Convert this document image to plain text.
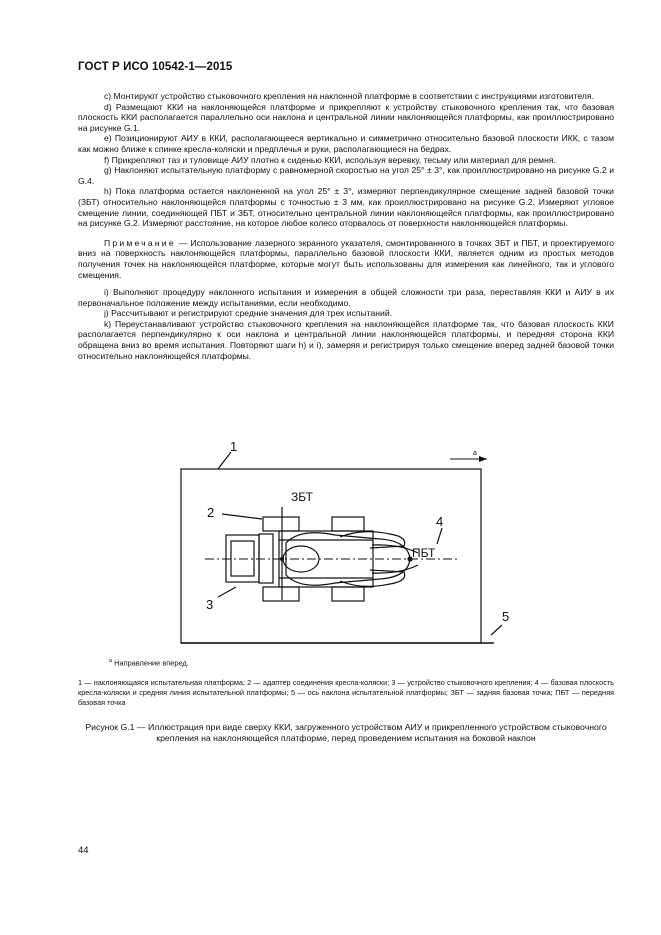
ГОСТ Р ИСО 10542-1—2015

с) Монтируют устройство стыковочного крепления на наклонной платформе в соответствии с инструкциями изготовителя.

d) Размещают ККИ на наклоняющейся платформе и прикрепляют к устройству стыковочного крепления так, что базовая плоскость ККИ располагается параллельно оси наклона и центральной линии наклоняющейся платформы, как проиллюстрировано на рисунке G.1.

е) Позиционируют АИУ в ККИ, располагающееся вертикально и симметрично относительно базовой плоскости ИКК, с тазом как можно ближе к спинке кресла-коляски и предплечья и руки, располагающиеся на бедрах.

f) Прикрепляют таз и туловище АИУ плотно к сиденью ККИ, используя веревку, тесьму или материал для ремня.

g) Наклоняют испытательную платформу с равномерной скоростью на угол 25° ± 3°, как проиллюстрировано на рисунке G.2 и G.4.

h) Пока платформа остается наклоненной на угол 25° ± 3°, измеряют перпендикулярное смещение задней базовой точки (ЗБТ) относительно наклоняющейся платформы с точностью ± 3 мм, как проиллюстрировано на рисунке G.2. Измеряют угловое смещение линии, соединяющей ПБТ и ЗБТ, относительно центральной линии наклоняющейся платформы, как проиллюстрировано на рисунке G.2. Измеряют расстояние, на которое любое колесо оторвалось от поверхности наклоняющейся платформы.

Примечание — Использование лазерного экранного указателя, смонтированного в точках ЗБТ и ПБТ, и проектируемого вниз на поверхность наклоняющейся платформы, параллельно базовой плоскости ККИ, является одним из простых методов получения точек на наклоняющейся платформе, которые могут быть использованы для измерения как линейного, так и углового смещения.

i) Выполняют процедуру наклонного испытания и измерения в общей сложности три раза, переставляя ККИ и АИУ в их первоначальное положение между испытаниями, если необходимо.

j) Рассчитывают и регистрируют средние значения для трех испытаний.

k) Переустанавливают устройство стыковочного крепления на наклоняющейся платформе так, что базовая плоскость ККИ располагается перпендикулярно к оси наклона и центральной линии наклоняющейся платформы, и передняя сторона ККИ обращена вниз во время испытания. Повторяют шаги h) и i), замеряя и регистрируя только смещение вперед задней базовой точки относительно наклоняющейся платформы.

1
2
3
4
5
ЗБТ
ПБТ
a
$^a$ Направление вперед.
1 — наклоняющаяся испытательная платформа; 2 — адаптер соединения кресла-коляски; 3 — устройство стыковочного крепления; 4 — базовая плоскость кресла-коляски и средняя линия испытательной платформы; 5 — ось наклона испытательной платформы; ЗБТ — задняя базовая точка; ПБТ — передняя базовая точка
Рисунок G.1 — Иллюстрация при виде сверху ККИ, загруженного устройством АИУ и прикрепленного устройством стыковочного крепления на наклоняющейся платформе, перед проведением испытания на боковой наклон
44
